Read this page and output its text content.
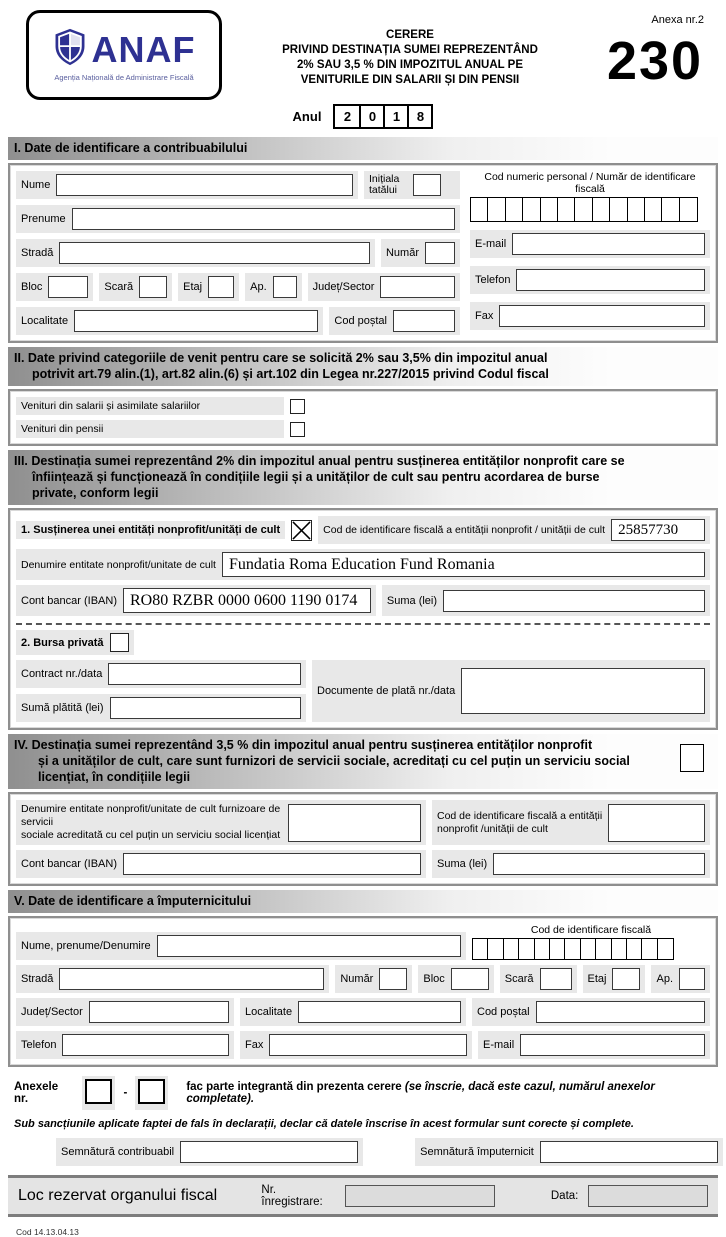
ANAF
Agenția Națională de Administrare Fiscală
CERERE
PRIVIND DESTINAȚIA SUMEI REPREZENTÂND
2% SAU 3,5 % DIN IMPOZITUL ANUAL PE
VENITURILE DIN SALARII ȘI DIN PENSII
Anexa nr.2
230
Anul	2	0	1	8
I. Date de identificare a contribuabilului
Nume	Inițiala tatălui
Prenume
Stradă	Număr
Bloc	Scară	Etaj	Ap.	Județ/Sector
Localitate	Cod poștal
Cod numeric personal / Număr de identificare fiscală
E-mail
Telefon
Fax
II. Date privind categoriile de venit pentru care se solicită 2% sau 3,5% din impozitul anual
potrivit art.79 alin.(1), art.82 alin.(6) și art.102 din Legea nr.227/2015 privind Codul fiscal
Venituri din salarii și asimilate salariilor
Venituri din pensii
III. Destinația sumei reprezentând 2% din impozitul anual pentru susținerea entităților nonprofit care se
înființează și funcționează în condițiile legii și a unităților de cult sau pentru acordarea de burse
private, conform legii
1. Susținerea unei entități nonprofit/unități de cult	Cod de identificare fiscală a entității nonprofit / unității de cult 25857730
Denumire entitate nonprofit/unitate de cult Fundatia Roma Education Fund Romania
Cont bancar (IBAN) RO80 RZBR 0000 0600 1190 0174	Suma (lei)
2. Bursa privată
Contract nr./data
Sumă plătită (lei)
Documente de plată nr./data
IV. Destinația sumei reprezentând 3,5 % din impozitul anual pentru susținerea entităților nonprofit
și a unităților de cult, care sunt furnizori de servicii sociale, acreditați cu cel puțin un serviciu social
licențiat, în condițiile legii
Denumire entitate nonprofit/unitate de cult furnizoare de servicii
sociale acreditată cu cel puțin un serviciu social licențiat
Cod de identificare fiscală a entității
nonprofit /unității de cult
Cont bancar (IBAN)	Suma (lei)
V. Date de identificare a împuternicitului
Nume, prenume/Denumire
Cod de identificare fiscală
Stradă	Număr	Bloc	Scară	Etaj	Ap.
Județ/Sector	Localitate	Cod poștal
Telefon	Fax	E-mail
Anexele nr.	-	fac parte integrantă din prezenta cerere (se înscrie, dacă este cazul, numărul anexelor completate).
Sub sancțiunile aplicate faptei de fals în declarații, declar că datele înscrise în acest formular sunt corecte și complete.
Semnătură contribuabil	Semnătură împuternicit
Loc rezervat organului fiscal	Nr. înregistrare:	Data:
Cod 14.13.04.13
